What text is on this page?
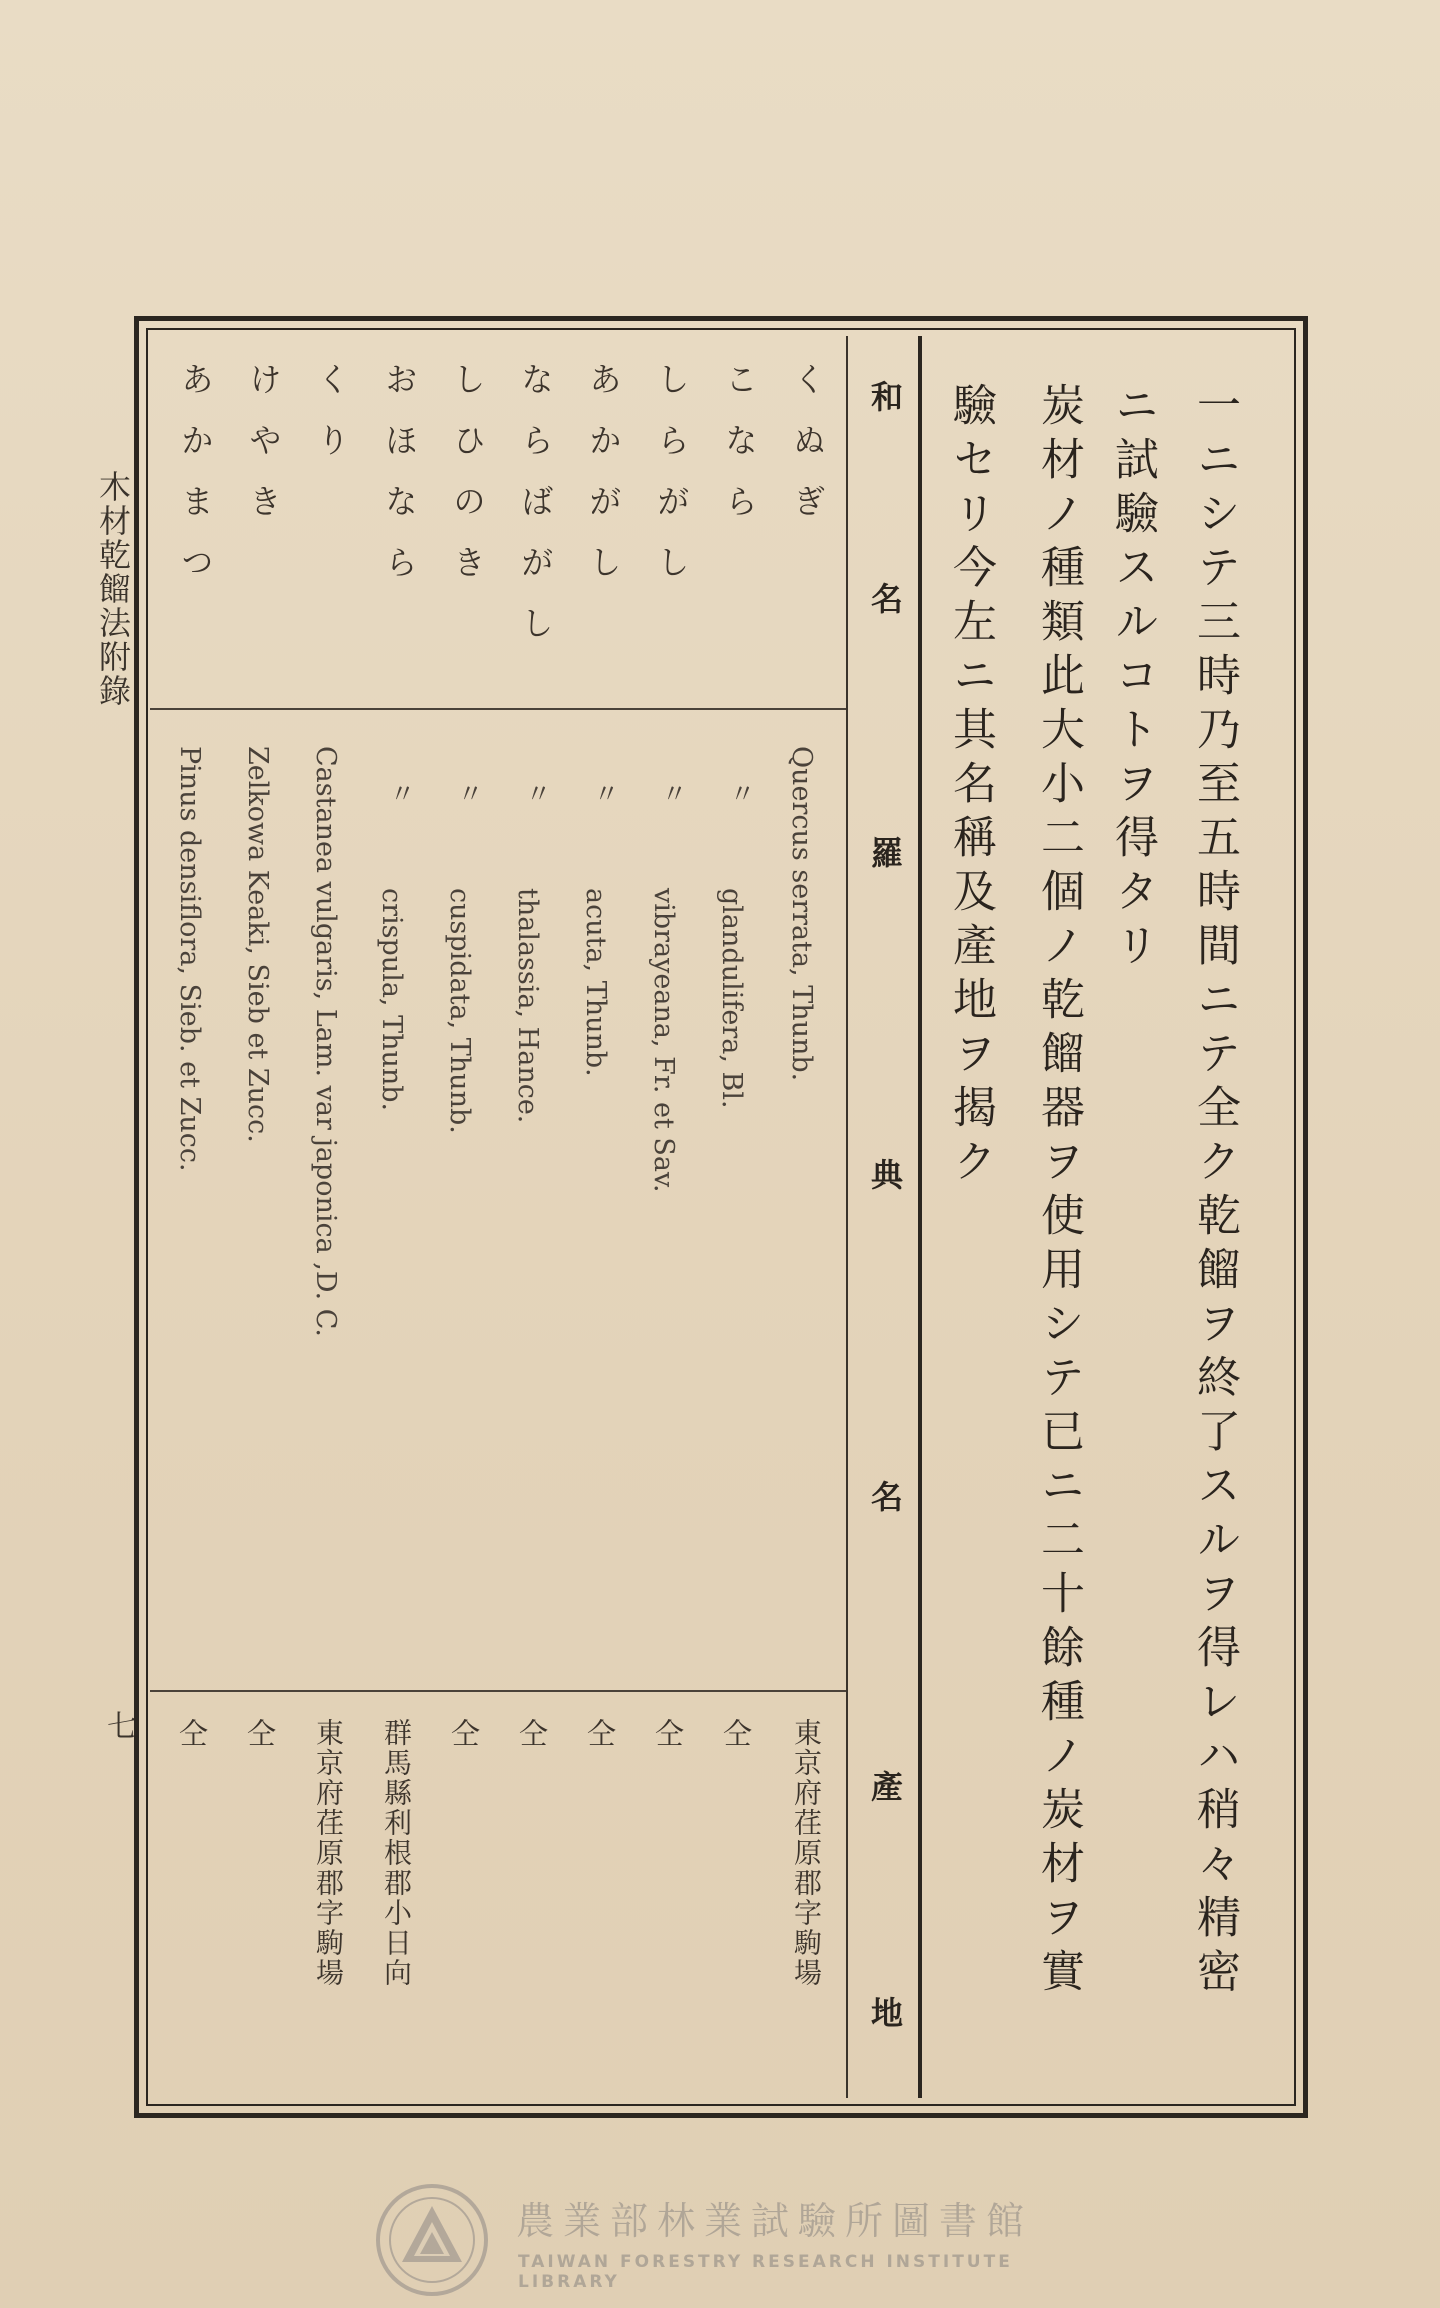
木材乾餾法附錄
七	一ニシテ三時乃至五時間ニテ全ク乾餾ヲ終了スルヲ得レハ稍々精密
ニ試驗スルコトヲ得タリ
炭材ノ種類此大小二個ノ乾餾器ヲ使用シテ已ニ二十餘種ノ炭材ヲ實
驗セリ今左ニ其名稱及產地ヲ揭ク
和名
羅典名
產地
くぬぎ
Quercus serrata, Thunb.
東京府荏原郡字駒場
こなら
〃
glandulifera, Bl.
仝
しらがし
〃
vibrayeana, Fr. et Sav.
仝
あかがし
〃
acuta, Thunb.
仝
ならばがし
〃
thalassia, Hance.
仝
しひのき
〃
cuspidata, Thunb.
仝
おほなら
〃
crispula, Thunb.
群馬縣利根郡小日向
くり
Castanea vulgaris, Lam. var japonica ,D. C.
東京府荏原郡字駒場
けやき
Zelkowa Keaki, Sieb et Zucc.
仝
あかまつ
Pinus densiflora, Sieb. et Zucc.
仝
農業部林業試驗所圖書館
TAIWAN FORESTRY RESEARCH INSTITUTE LIBRARY
